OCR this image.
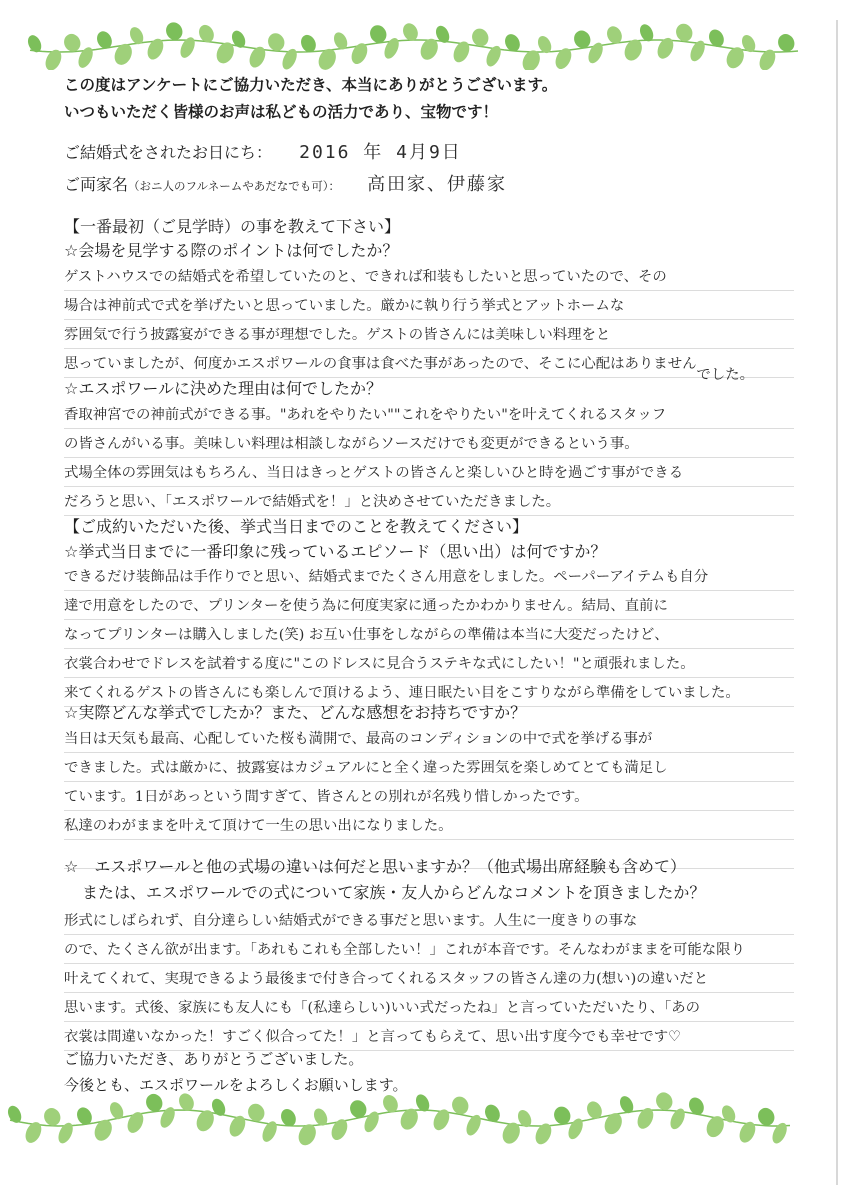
この度はアンケートにご協力いただき、本当にありがとうございます。
いつもいただく皆様のお声は私どもの活力であり、宝物です！
ご結婚式をされたお日にち： 2016 年 4月9日
ご両家名（おニ人のフルネームやあだなでも可）： 高田家、伊藤家
【一番最初（ご見学時）の事を教えて下さい】
☆会場を見学する際のポイントは何でしたか？
ゲストハウスでの結婚式を希望していたのと、できれば和装もしたいと思っていたので、その
場合は神前式で式を挙げたいと思っていました。厳かに執り行う挙式とアットホームな
雰囲気で行う披露宴ができる事が理想でした。ゲストの皆さんには美味しい料理をと
思っていましたが、何度かエスポワールの食事は食べた事があったので、そこに心配はありません
でした。
☆エスポワールに決めた理由は何でしたか？
香取神宮での神前式ができる事。"あれをやりたい""これをやりたい"を叶えてくれるスタッフ
の皆さんがいる事。美味しい料理は相談しながらソースだけでも変更ができるという事。
式場全体の雰囲気はもちろん、当日はきっとゲストの皆さんと楽しいひと時を過ごす事ができる
だろうと思い、「エスポワールで結婚式を！」と決めさせていただきました。
【ご成約いただいた後、挙式当日までのことを教えてください】
☆挙式当日までに一番印象に残っているエピソード（思い出）は何ですか？
できるだけ装飾品は手作りでと思い、結婚式までたくさん用意をしました。ペーパーアイテムも自分
達で用意をしたので、プリンターを使う為に何度実家に通ったかわかりません。結局、直前に
なってプリンターは購入しました(笑) お互い仕事をしながらの準備は本当に大変だったけど、
衣裳合わせでドレスを試着する度に"このドレスに見合うステキな式にしたい！"と頑張れました。
来てくれるゲストの皆さんにも楽しんで頂けるよう、連日眠たい目をこすりながら準備をしていました。
☆実際どんな挙式でしたか？また、どんな感想をお持ちですか？
当日は天気も最高、心配していた桜も満開で、最高のコンディションの中で式を挙げる事が
できました。式は厳かに、披露宴はカジュアルにと全く違った雰囲気を楽しめてとても満足し
ています。1日があっという間すぎて、皆さんとの別れが名残り惜しかったです。
私達のわがままを叶えて頂けて一生の思い出になりました。
☆　エスポワールと他の式場の違いは何だと思いますか？（他式場出席経験も含めて）
または、エスポワールでの式について家族・友人からどんなコメントを頂きましたか？
形式にしばられず、自分達らしい結婚式ができる事だと思います。人生に一度きりの事な
ので、たくさん欲が出ます。「あれもこれも全部したい！」これが本音です。そんなわがままを可能な限り
叶えてくれて、実現できるよう最後まで付き合ってくれるスタッフの皆さん達の力(想い)の違いだと
思います。式後、家族にも友人にも「(私達らしい)いい式だったね」と言っていただいたり、「あの
衣裳は間違いなかった！すごく似合ってた！」と言ってもらえて、思い出す度今でも幸せです♡
ご協力いただき、ありがとうございました。
今後とも、エスポワールをよろしくお願いします。
